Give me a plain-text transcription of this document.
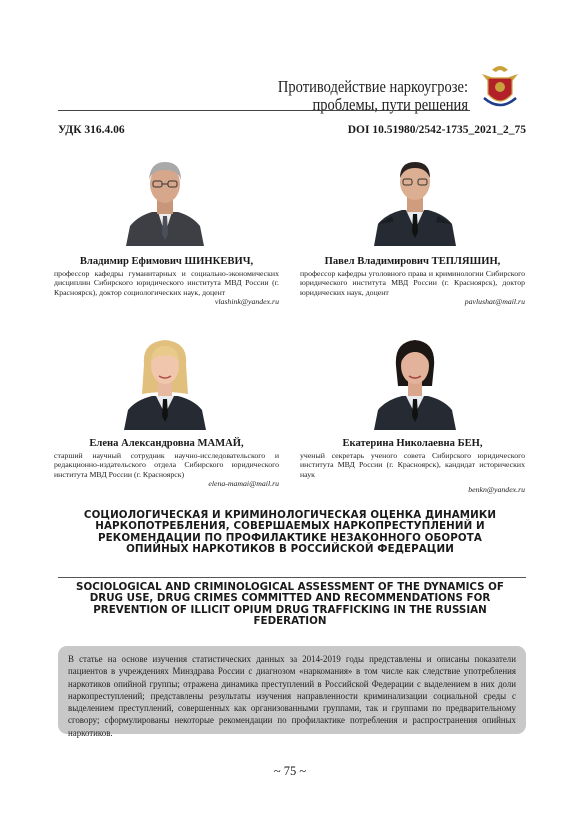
Противодействие наркоугрозе:
проблемы, пути решения
УДК 316.4.06	DOI 10.51980/2542-1735_2021_2_75
Владимир Ефимович ШИНКЕВИЧ,
профессор кафедры гуманитарных и социально-экономических дисциплин Сибирского юридического института МВД России (г. Красноярск), доктор социологических наук, доцент
vlashink@yandex.ru
Павел Владимирович ТЕПЛЯШИН,
профессор кафедры уголовного права и криминологии Сибирского юридического института МВД России (г. Красноярск), доктор юридических наук, доцент
pavlushat@mail.ru
Елена Александровна МАМАЙ,
старший научный сотрудник научно-исследовательского и редакционно-издательского отдела Сибирского юридического института МВД России (г. Красноярск)
elena-mamai@mail.ru
Екатерина Николаевна БЕН,
ученый секретарь ученого совета Сибирского юридического института МВД России (г. Красноярск), кандидат исторических наук
benkn@yandex.ru
СОЦИОЛОГИЧЕСКАЯ И КРИМИНОЛОГИЧЕСКАЯ ОЦЕНКА ДИНАМИКИ НАРКОПОТРЕБЛЕНИЯ, СОВЕРШАЕМЫХ НАРКОПРЕСТУПЛЕНИЙ И РЕКОМЕНДАЦИИ ПО ПРОФИЛАКТИКЕ НЕЗАКОННОГО ОБОРОТА ОПИЙНЫХ НАРКОТИКОВ В РОССИЙСКОЙ ФЕДЕРАЦИИ
SOCIOLOGICAL AND CRIMINOLOGICAL ASSESSMENT OF THE DYNAMICS OF DRUG USE, DRUG CRIMES COMMITTED AND RECOMMENDATIONS FOR PREVENTION OF ILLICIT OPIUM DRUG TRAFFICKING IN THE RUSSIAN FEDERATION

В статье на основе изучения статистических данных за 2014-2019 годы представлены и описаны показатели пациентов в учреждениях Минздрава России с диагнозом «наркомания» в том числе как следствие употребления наркотиков опийной группы; отражена динамика преступлений в Российской Федерации с выделением в них доли наркопреступлений; представлены результаты изучения направленности криминализации социальной среды с выделением преступлений, совершенных как организованными группами, так и группами по предварительному сговору; сформулированы некоторые рекомендации по профилактике потребления и распространения опийных наркотиков.

~ 75 ~
